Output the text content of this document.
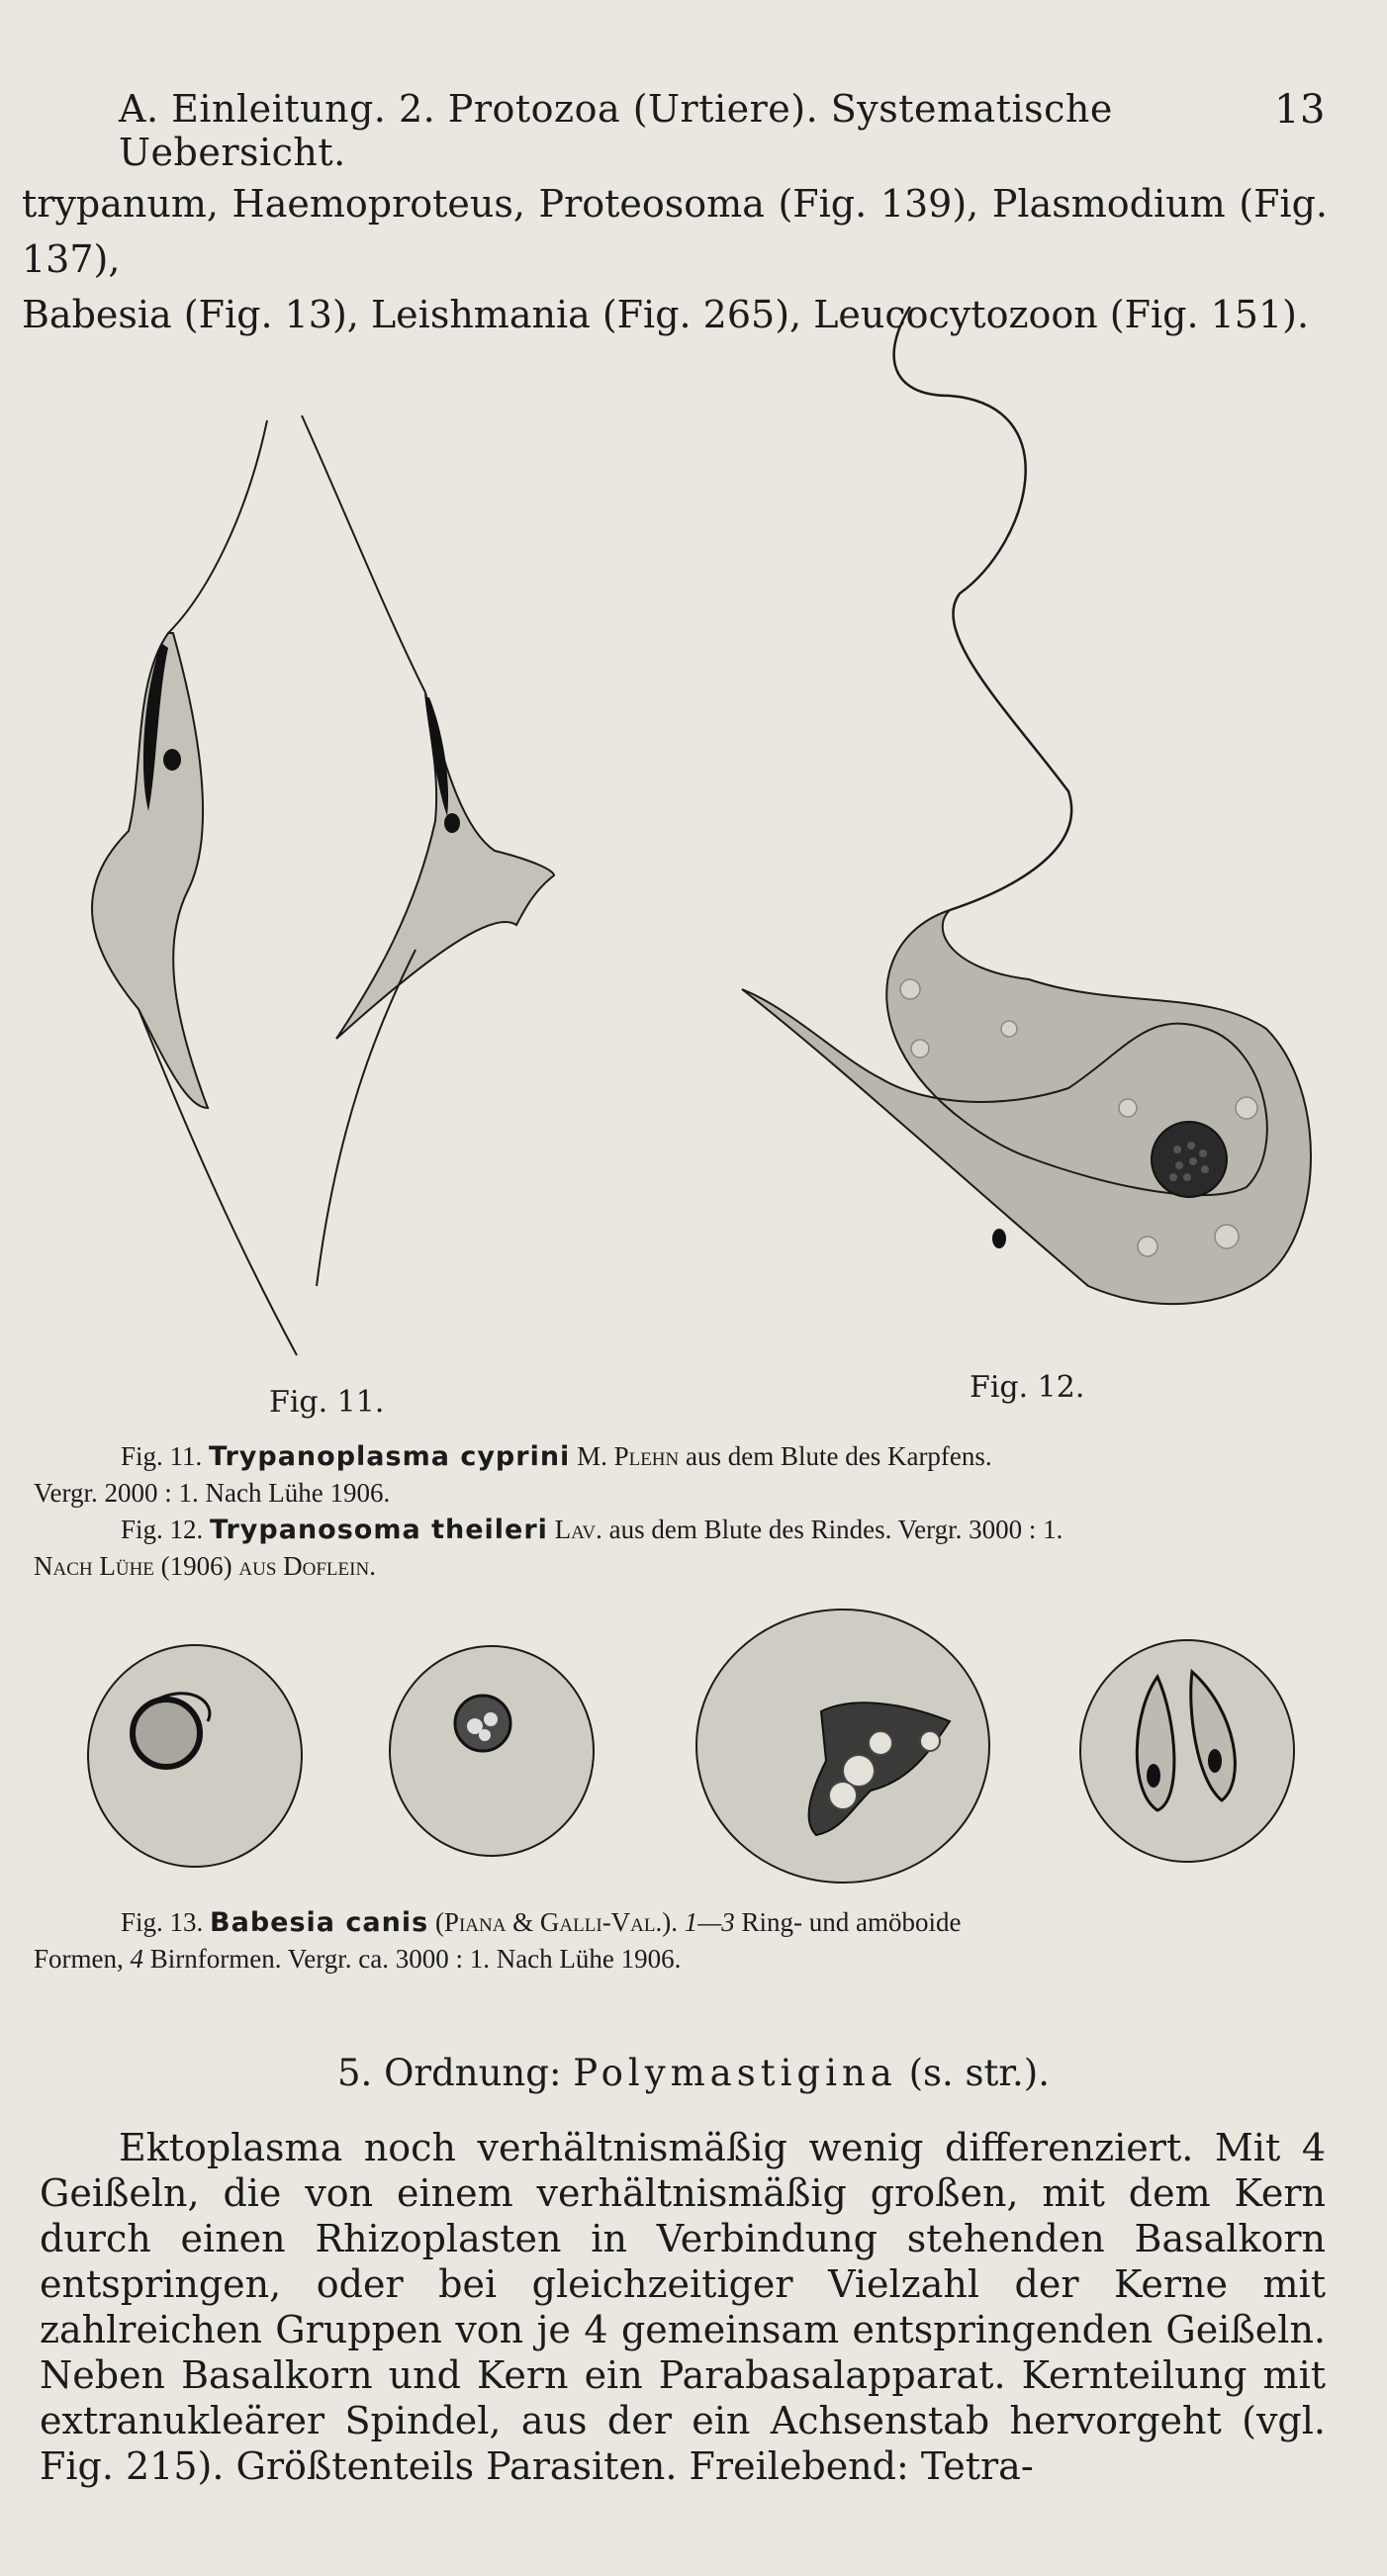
A. Einleitung. 2. Protozoa (Urtiere). Systematische Uebersicht.
13
trypanum, Haemoproteus, Proteosoma (Fig. 139), Plasmodium (Fig. 137),
Babesia (Fig. 13), Leishmania (Fig. 265), Leucocytozoon (Fig. 151).
Fig. 11.	Fig. 12.
Fig. 11. Trypanoplasma cyprini M. Plehn aus dem Blute des Karpfens.
Vergr. 2000 : 1. Nach Lühe 1906.
Fig. 12. Trypanosoma theileri Lav. aus dem Blute des Rindes. Vergr. 3000 : 1.
Nach Lühe (1906) aus Doflein.
Fig. 13. Babesia canis (Piana & Galli-Val.). 1—3 Ring- und amöboide
Formen, 4 Birnformen. Vergr. ca. 3000 : 1. Nach Lühe 1906.
5. Ordnung: Polymastigina (s. str.).
Ektoplasma noch verhältnismäßig wenig differenziert. Mit 4 Geißeln, die von einem verhältnismäßig großen, mit dem Kern durch einen Rhizoplasten in Verbindung stehenden Basalkorn entspringen, oder bei gleichzeitiger Vielzahl der Kerne mit zahlreichen Gruppen von je 4 gemeinsam entspringenden Geißeln. Neben Basalkorn und Kern ein Parabasalapparat. Kernteilung mit extranukleärer Spindel, aus der ein Achsenstab hervorgeht (vgl. Fig. 215). Größtenteils Parasiten. Freilebend: Tetra-
